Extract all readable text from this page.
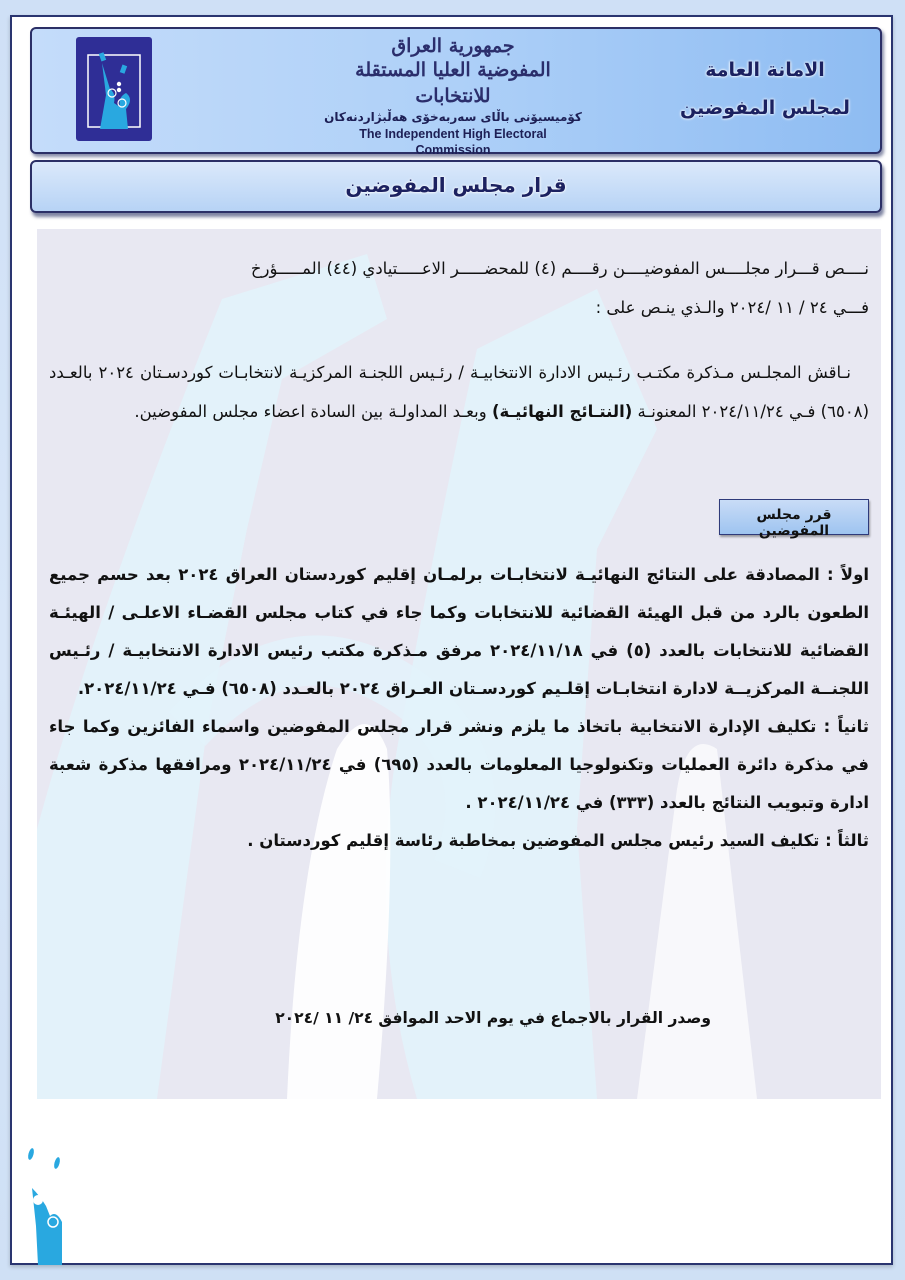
جمهورية العراق
المفوضية العليا المستقلة للانتخابات
كۆمیسیۆنی باڵای سەربەخۆی هەڵبژاردنەکان
The Independent High Electoral Commission
الامانة العامة
لمجلس المفوضين
قرار مجلس المفوضين
نــــص قـــرار مجلــــس المفوضيــــن رقــــم (٤) للمحضـــــر الاعـــــتيادي (٤٤) المـــــؤرخ
فـــي ٢٤ / ١١ /٢٠٢٤ والـذي ينـص على :
نـاقش المجلـس مـذكرة مكتـب رئـيس الادارة الانتخابيـة / رئـيس اللجنـة المركزيـة لانتخابـات كوردسـتان ٢٠٢٤ بالعـدد (٦٥٠٨) فـي ٢٠٢٤/١١/٢٤ المعنونـة (النتـائج النهائيـة) وبعـد المداولـة بين السادة اعضاء مجلس المفوضين.
قرر مجلس المفوضين

اولاً : المصادقة على النتائج النهائيـة لانتخابـات برلمـان إقليم كوردستان العراق ٢٠٢٤ بعد حسم جميع الطعون بالرد من قبل الهيئة القضائية للانتخابات وكما جاء في كتاب مجلس القضـاء الاعلـى / الهيئـة القضائية للانتخابات بالعدد (٥) في ٢٠٢٤/١١/١٨ مرفق مـذكرة مكتب رئيس الادارة الانتخابيـة / رئـيس اللجنــة المركزيــة لادارة انتخابـات إقلـيم كوردسـتان العـراق ٢٠٢٤ بالعـدد (٦٥٠٨) فـي ٢٠٢٤/١١/٢٤.

ثانياً : تكليف الإدارة الانتخابية باتخاذ ما يلزم ونشر قرار مجلس المفوضين واسماء الفائزين وكما جاء في مذكرة دائرة العمليات وتكنولوجيا المعلومات بالعدد (٦٩٥) في ٢٠٢٤/١١/٢٤ ومرافقها مذكرة شعبة ادارة وتبويب النتائج بالعدد (٣٣٣) في ٢٠٢٤/١١/٢٤ .

ثالثاً : تكليف السيد رئيس مجلس المفوضين بمخاطبة رئاسة إقليم كوردستان .

وصدر القرار بالاجماع في يوم الاحد الموافق ٢٤/ ١١ /٢٠٢٤
